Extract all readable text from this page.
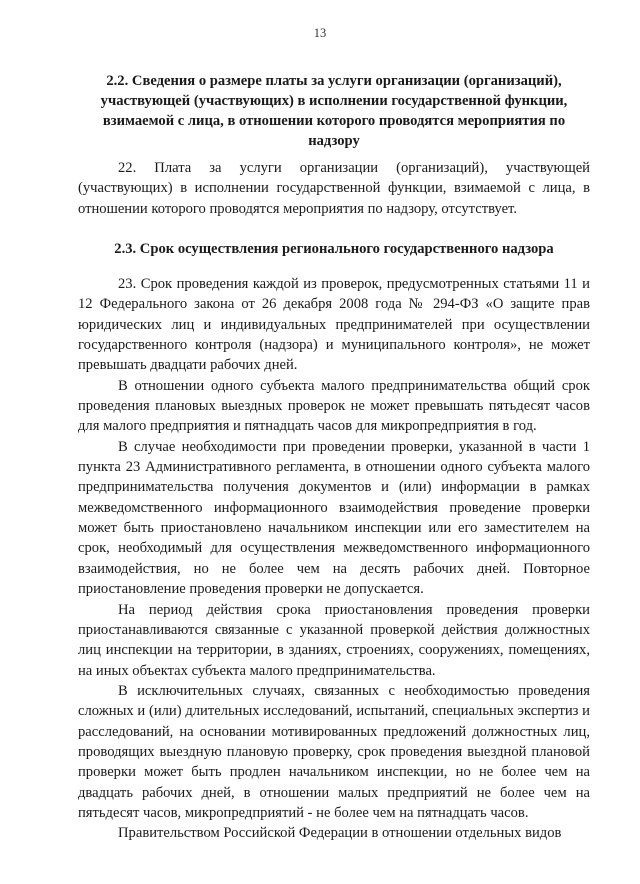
13
2.2. Сведения о размере платы за услуги организации (организаций), участвующей (участвующих) в исполнении государственной функции, взимаемой с лица, в отношении которого проводятся мероприятия по надзору

22. Плата за услуги организации (организаций), участвующей (участвующих) в исполнении государственной функции, взимаемой с лица, в отношении которого проводятся мероприятия по надзору, отсутствует.

2.3. Срок осуществления регионального государственного надзора

23. Срок проведения каждой из проверок, предусмотренных статьями 11 и 12 Федерального закона от 26 декабря 2008 года № 294-ФЗ «О защите прав юридических лиц и индивидуальных предпринимателей при осуществлении государственного контроля (надзора) и муниципального контроля», не может превышать двадцати рабочих дней.

В отношении одного субъекта малого предпринимательства общий срок проведения плановых выездных проверок не может превышать пятьдесят часов для малого предприятия и пятнадцать часов для микропредприятия в год.

В случае необходимости при проведении проверки, указанной в части 1 пункта 23 Административного регламента, в отношении одного субъекта малого предпринимательства получения документов и (или) информации в рамках межведомственного информационного взаимодействия проведение проверки может быть приостановлено начальником инспекции или его заместителем на срок, необходимый для осуществления межведомственного информационного взаимодействия, но не более чем на десять рабочих дней. Повторное приостановление проведения проверки не допускается.

На период действия срока приостановления проведения проверки приостанавливаются связанные с указанной проверкой действия должностных лиц инспекции на территории, в зданиях, строениях, сооружениях, помещениях, на иных объектах субъекта малого предпринимательства.

В исключительных случаях, связанных с необходимостью проведения сложных и (или) длительных исследований, испытаний, специальных экспертиз и расследований, на основании мотивированных предложений должностных лиц, проводящих выездную плановую проверку, срок проведения выездной плановой проверки может быть продлен начальником инспекции, но не более чем на двадцать рабочих дней, в отношении малых предприятий не более чем на пятьдесят часов, микропредприятий - не более чем на пятнадцать часов.

Правительством Российской Федерации в отношении отдельных видов
